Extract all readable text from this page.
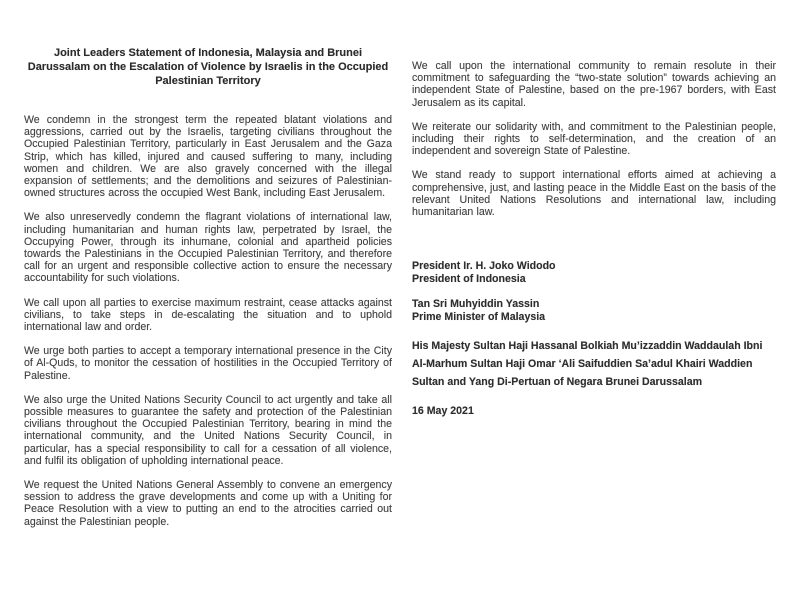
Joint Leaders Statement of Indonesia, Malaysia and Brunei Darussalam on the Escalation of Violence by Israelis in the Occupied Palestinian Territory

We condemn in the strongest term the repeated blatant violations and aggressions, carried out by the Israelis, targeting civilians throughout the Occupied Palestinian Territory, particularly in East Jerusalem and the Gaza Strip, which has killed, injured and caused suffering to many, including women and children. We are also gravely concerned with the illegal expansion of settlements; and the demolitions and seizures of Palestinian-owned structures across the occupied West Bank, including East Jerusalem.

We also unreservedly condemn the flagrant violations of international law, including humanitarian and human rights law, perpetrated by Israel, the Occupying Power, through its inhumane, colonial and apartheid policies towards the Palestinians in the Occupied Palestinian Territory, and therefore call for an urgent and responsible collective action to ensure the necessary accountability for such violations.

We call upon all parties to exercise maximum restraint, cease attacks against civilians, to take steps in de-escalating the situation and to uphold international law and order.

We urge both parties to accept a temporary international presence in the City of Al-Quds, to monitor the cessation of hostilities in the Occupied Territory of Palestine.

We also urge the United Nations Security Council to act urgently and take all possible measures to guarantee the safety and protection of the Palestinian civilians throughout the Occupied Palestinian Territory, bearing in mind the international community, and the United Nations Security Council, in particular, has a special responsibility to call for a cessation of all violence, and fulfil its obligation of upholding international peace.

We request the United Nations General Assembly to convene an emergency session to address the grave developments and come up with a Uniting for Peace Resolution with a view to putting an end to the atrocities carried out against the Palestinian people.

We call upon the international community to remain resolute in their commitment to safeguarding the “two-state solution” towards achieving an independent State of Palestine, based on the pre-1967 borders, with East Jerusalem as its capital.

We reiterate our solidarity with, and commitment to the Palestinian people, including their rights to self-determination, and the creation of an independent and sovereign State of Palestine.

We stand ready to support international efforts aimed at achieving a comprehensive, just, and lasting peace in the Middle East on the basis of the relevant United Nations Resolutions and international law, including humanitarian law.

President Ir. H. Joko Widodo
President of Indonesia
Tan Sri Muhyiddin Yassin
Prime Minister of Malaysia
His Majesty Sultan Haji Hassanal Bolkiah Mu’izzaddin Waddaulah Ibni Al-Marhum Sultan Haji Omar ‘Ali Saifuddien Sa’adul Khairi Waddien Sultan and Yang Di-Pertuan of Negara Brunei Darussalam
16 May 2021
